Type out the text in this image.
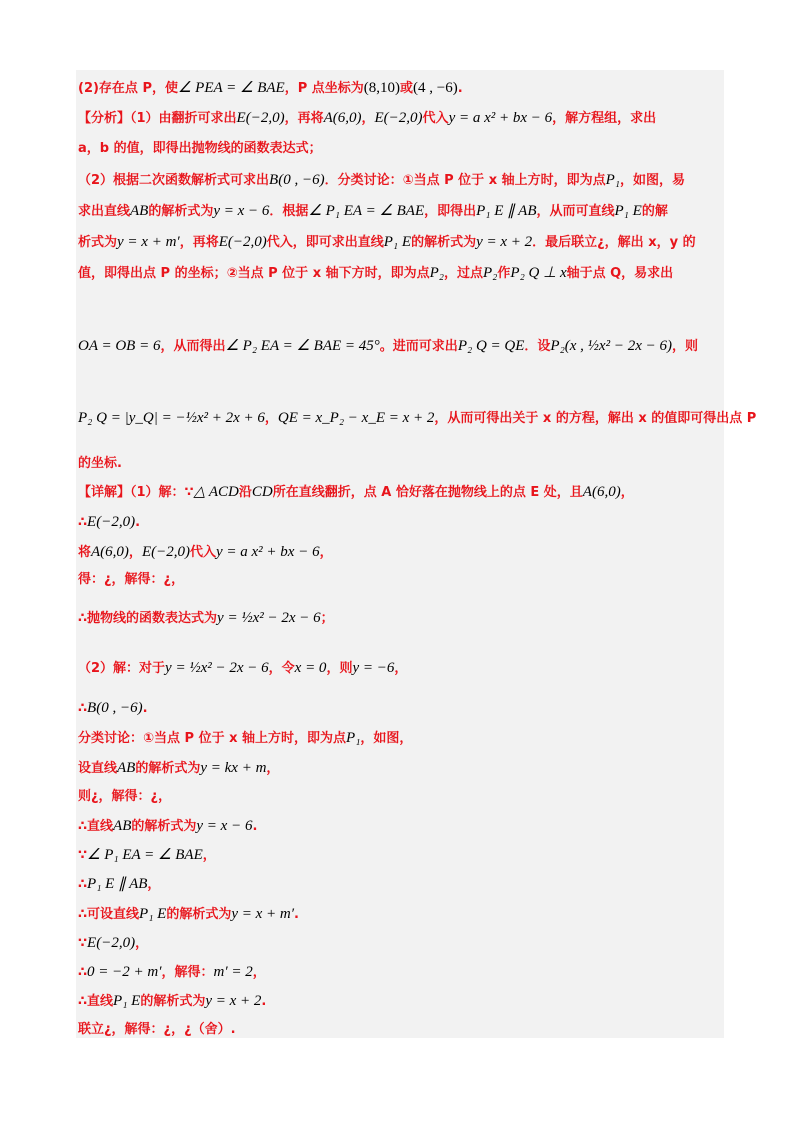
(2)存在点 P，使∠ PEA = ∠ BAE，P 点坐标为(8,10)或(4 , −6).
【分析】（1）由翻折可求出E(−2,0)，再将A(6,0)，E(−2,0)代入y = a x² + bx − 6，解方程组，求出
a，b 的值，即得出抛物线的函数表达式；
（2）根据二次函数解析式可求出B(0 , −6)．分类讨论：①当点 P 位于 x 轴上方时，即为点P₁，如图，易
求出直线AB的解析式为y = x − 6．根据∠ P₁ EA = ∠ BAE，即得出P₁ E ∥ AB，从而可直线P₁ E的解
析式为y = x + m′，再将E(−2,0)代入，即可求出直线P₁ E的解析式为y = x + 2．最后联立¿，解出 x，y 的
值，即得出点 P 的坐标；②当点 P 位于 x 轴下方时，即为点P₂，过点P₂作P₂ Q ⊥ x轴于点 Q，易求出
OA = OB = 6，从而得出∠ P₂ EA = ∠ BAE = 45°。进而可求出P₂ Q = QE．设P₂(x , ½x² − 2x − 6)，则
P₂ Q = |y_Q| = −½x² + 2x + 6，QE = x_P₂ − x_E = x + 2，从而可得出关于 x 的方程，解出 x 的值即可得出点 P
的坐标.
【详解】（1）解：∵△ ACD沿CD所在直线翻折，点 A 恰好落在抛物线上的点 E 处，且A(6,0)，
∴E(−2,0).
将A(6,0)，E(−2,0)代入y = a x² + bx − 6，
得：¿，解得：¿，
∴抛物线的函数表达式为y = ½x² − 2x − 6；
（2）解：对于y = ½x² − 2x − 6，令x = 0，则y = −6，
∴B(0 , −6).
分类讨论：①当点 P 位于 x 轴上方时，即为点P₁，如图，
设直线AB的解析式为y = kx + m，
则¿，解得：¿，
∴直线AB的解析式为y = x − 6.
∵∠ P₁ EA = ∠ BAE，
∴P₁ E ∥ AB，
∴可设直线P₁ E的解析式为y = x + m′.
∵E(−2,0)，
∴0 = −2 + m′，解得：m′ = 2，
∴直线P₁ E的解析式为y = x + 2.
联立¿，解得：¿，¿（舍）.
